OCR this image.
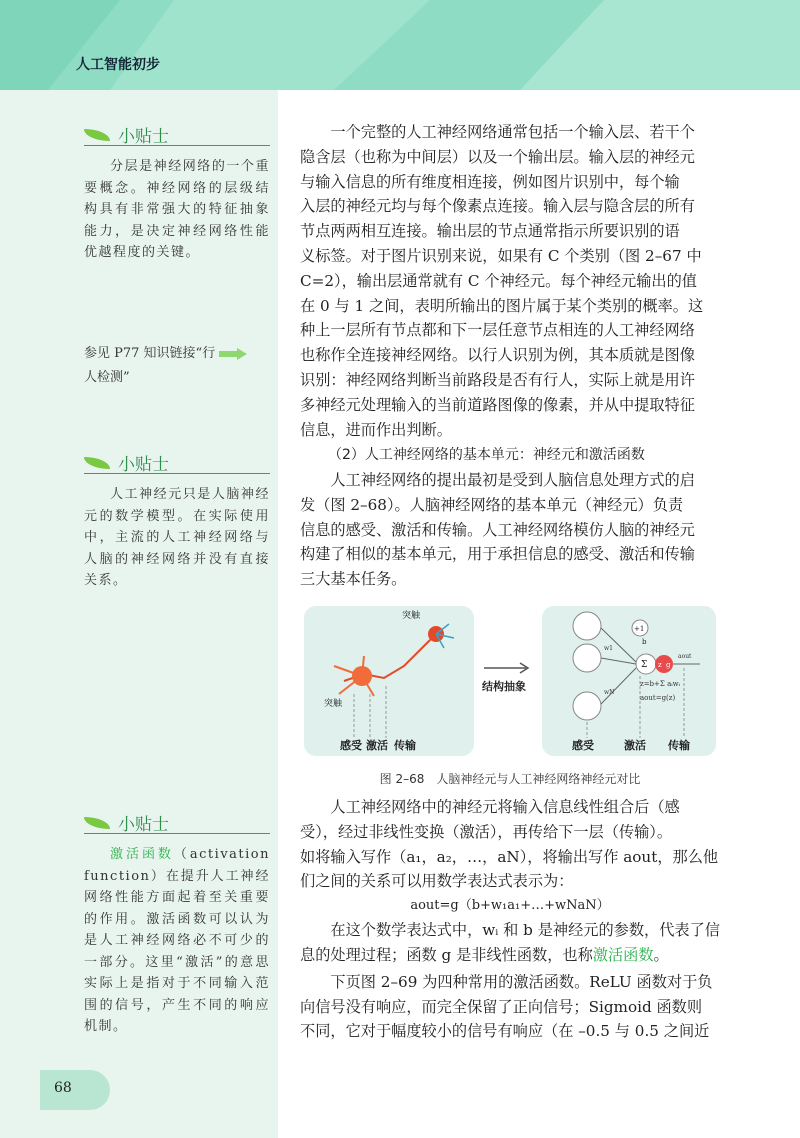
人工智能初步
小贴士
分层是神经网络的一个重要概念。神经网络的层级结构具有非常强大的特征抽象能力，是决定神经网络性能优越程度的关键。
参见 P77 知识链接“行
人检测”
小贴士
人工神经元只是人脑神经元的数学模型。在实际使用中，主流的人工神经网络与人脑的神经网络并没有直接关系。
小贴士
激活函数（activation function）在提升人工神经网络性能方面起着至关重要的作用。激活函数可以认为是人工神经网络必不可少的一部分。这里“激活”的意思实际上是指对于不同输入范围的信号，产生不同的响应机制。
一个完整的人工神经网络通常包括一个输入层、若干个
隐含层（也称为中间层）以及一个输出层。输入层的神经元
与输入信息的所有维度相连接，例如图片识别中，每个输
入层的神经元均与每个像素点连接。输入层与隐含层的所有
节点两两相互连接。输出层的节点通常指示所要识别的语
义标签。对于图片识别来说，如果有 C 个类别（图 2–67 中
C=2），输出层通常就有 C 个神经元。每个神经元输出的值
在 0 与 1 之间，表明所输出的图片属于某个类别的概率。这
种上一层所有节点都和下一层任意节点相连的人工神经网络
也称作全连接神经网络。以行人识别为例，其本质就是图像
识别：神经网络判断当前路段是否有行人，实际上就是用许
多神经元处理输入的当前道路图像的像素，并从中提取特征
信息，进而作出判断。
（2）人工神经网络的基本单元：神经元和激活函数
人工神经网络的提出最初是受到人脑信息处理方式的启
发（图 2–68）。人脑神经网络的基本单元（神经元）负责
信息的感受、激活和传输。人工神经网络模仿人脑的神经元
构建了相似的基本单元，用于承担信息的感受、激活和传输
三大基本任务。
突触
突触
感受 激活 传输
结构抽象
+1
b
Σ z g
w1
wN
aout
z=b+Σ aᵢwᵢ
aout=g(z)
感受	激活 传输
图 2–68　人脑神经元与人工神经网络神经元对比
人工神经网络中的神经元将输入信息线性组合后（感
受），经过非线性变换（激活），再传给下一层（传输）。
如将输入写作（a₁，a₂，…，aN），将输出写作 aout，那么他
们之间的关系可以用数学表达式表示为：
aout=g（b+w₁a₁+…+wNaN）
在这个数学表达式中，wᵢ 和 b 是神经元的参数，代表了信息的处理过程；函数 g 是非线性函数，也称激活函数。
下页图 2–69 为四种常用的激活函数。ReLU 函数对于负
向信号没有响应，而完全保留了正向信号；Sigmoid 函数则
不同，它对于幅度较小的信号有响应（在 –0.5 与 0.5 之间近
68
